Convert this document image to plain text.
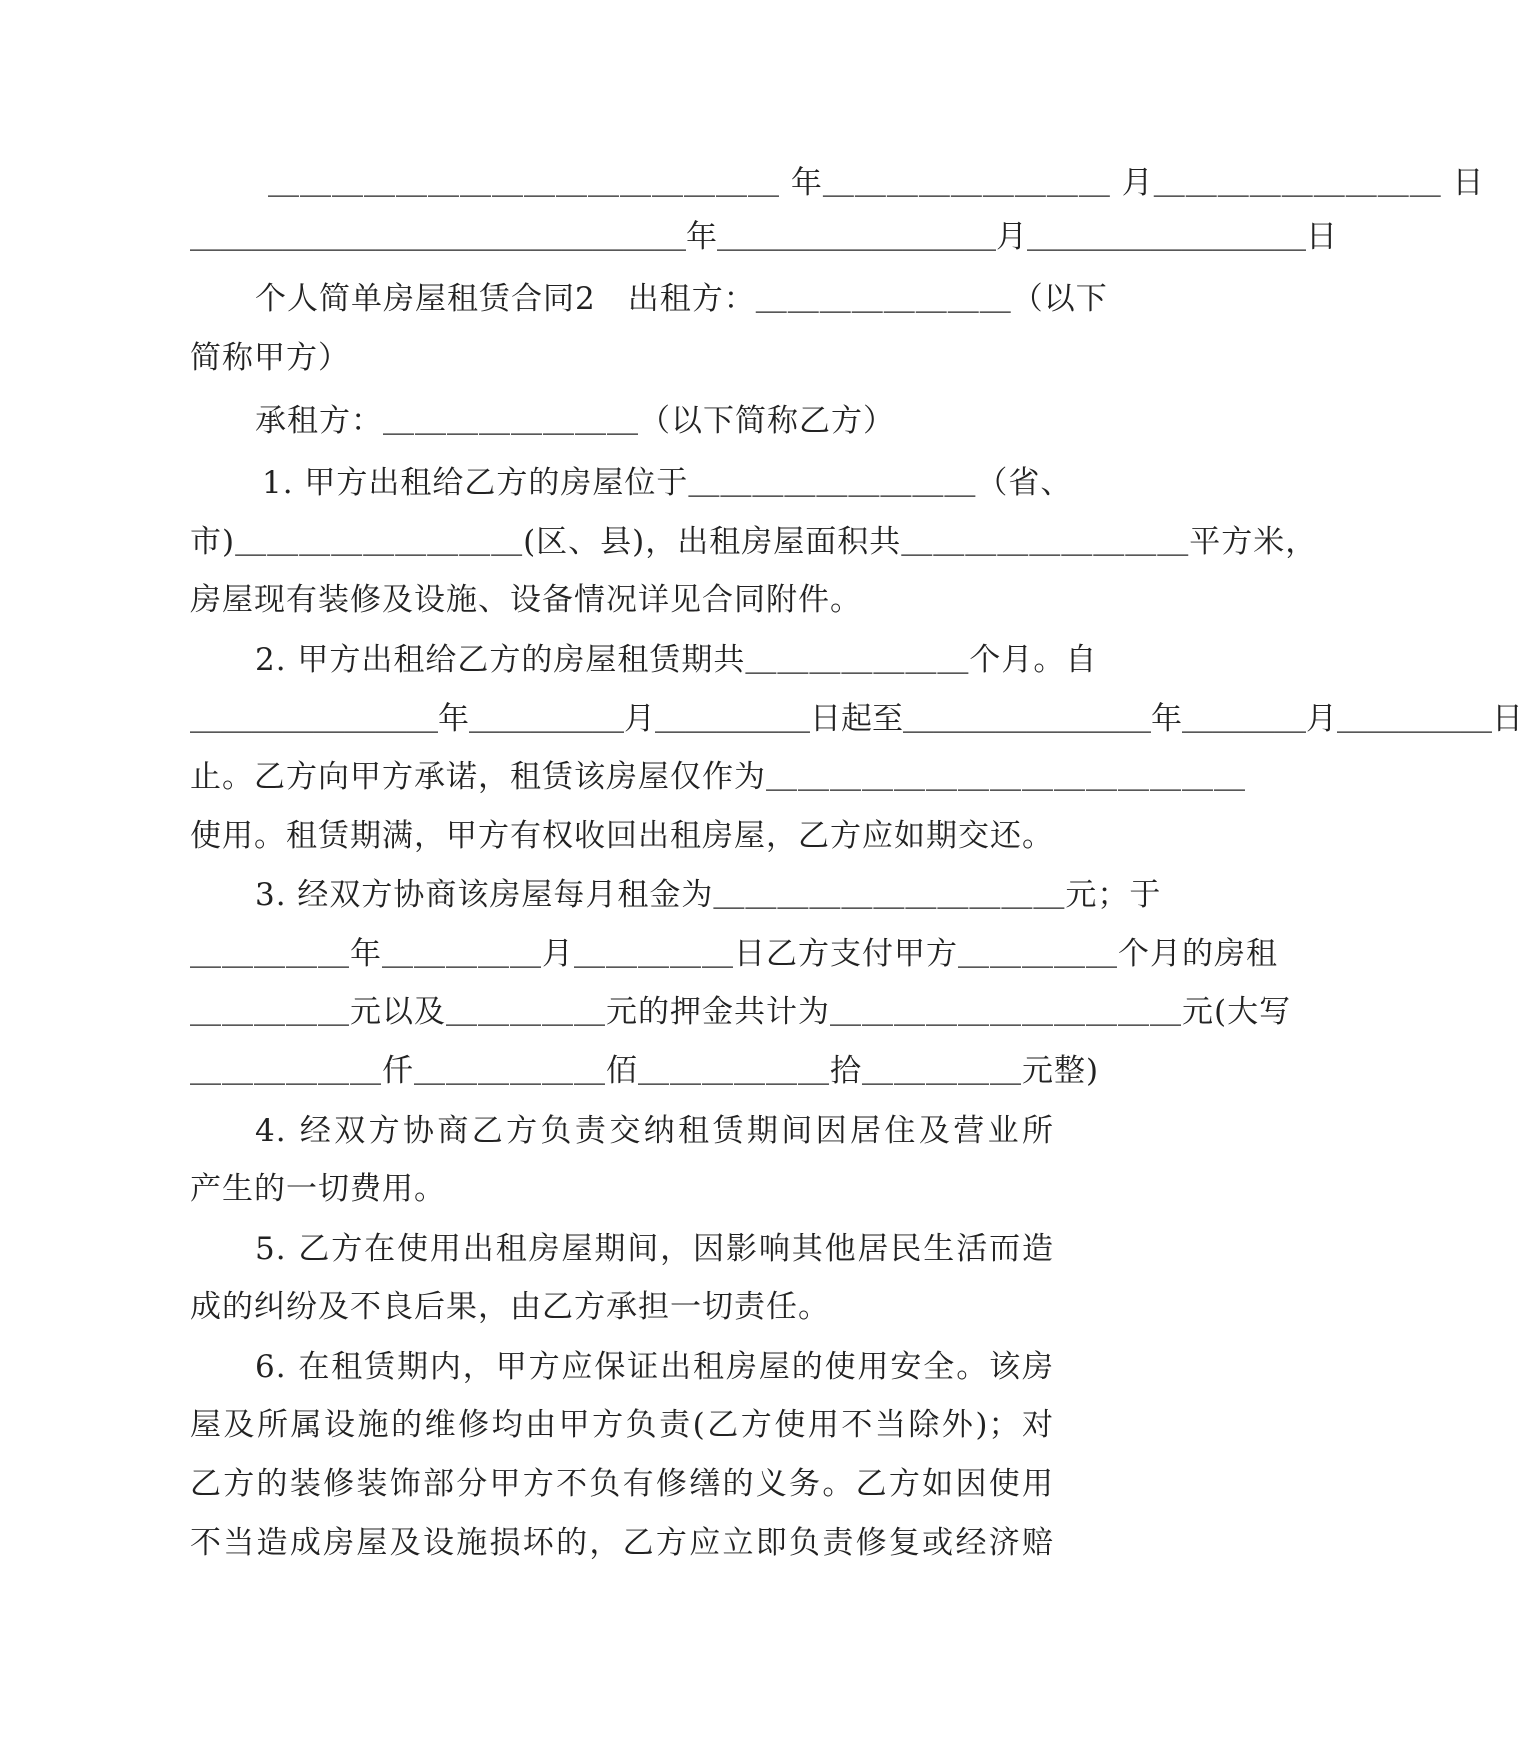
＿＿＿＿＿＿＿＿＿＿＿＿＿＿＿＿ 年＿＿＿＿＿＿＿＿＿ 月＿＿＿＿＿＿＿＿＿ 日
＿＿＿＿＿＿＿＿＿＿＿＿＿＿＿＿年＿＿＿＿＿＿＿＿＿月＿＿＿＿＿＿＿＿＿日
个人简单房屋租赁合同2　出租方：＿＿＿＿＿＿＿＿（以下
简称甲方）
承租方：＿＿＿＿＿＿＿＿（以下简称乙方）
1. 甲方出租给乙方的房屋位于＿＿＿＿＿＿＿＿＿（省、
市)＿＿＿＿＿＿＿＿＿(区、县)，出租房屋面积共＿＿＿＿＿＿＿＿＿平方米，
房屋现有装修及设施、设备情况详见合同附件。
2. 甲方出租给乙方的房屋租赁期共＿＿＿＿＿＿＿个月。自
＿＿＿＿＿＿＿＿年＿＿＿＿＿月＿＿＿＿＿日起至＿＿＿＿＿＿＿＿年＿＿＿＿月＿＿＿＿＿日
止。乙方向甲方承诺，租赁该房屋仅作为＿＿＿＿＿＿＿＿＿＿＿＿＿＿＿
使用。租赁期满，甲方有权收回出租房屋，乙方应如期交还。
3. 经双方协商该房屋每月租金为＿＿＿＿＿＿＿＿＿＿＿元；于
＿＿＿＿＿年＿＿＿＿＿月＿＿＿＿＿日乙方支付甲方＿＿＿＿＿个月的房租
＿＿＿＿＿元以及＿＿＿＿＿元的押金共计为＿＿＿＿＿＿＿＿＿＿＿元(大写
＿＿＿＿＿＿仟＿＿＿＿＿＿佰＿＿＿＿＿＿拾＿＿＿＿＿元整)
4. 经双方协商乙方负责交纳租赁期间因居住及营业所
产生的一切费用。
5. 乙方在使用出租房屋期间，因影响其他居民生活而造
成的纠纷及不良后果，由乙方承担一切责任。
6. 在租赁期内，甲方应保证出租房屋的使用安全。该房
屋及所属设施的维修均由甲方负责(乙方使用不当除外)；对
乙方的装修装饰部分甲方不负有修缮的义务。乙方如因使用
不当造成房屋及设施损坏的，乙方应立即负责修复或经济赔
